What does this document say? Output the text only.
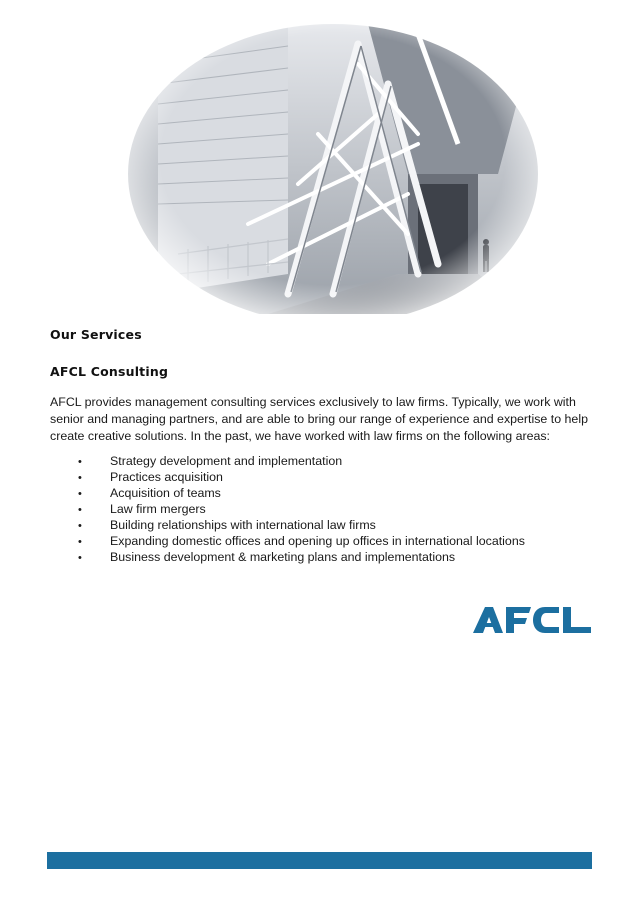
Our Services
AFCL Consulting

AFCL provides management consulting services exclusively to law firms. Typically, we work with senior and managing partners, and are able to bring our range of experience and expertise to help create creative solutions. In the past, we have worked with law firms on the following areas:

•	Strategy development and implementation
•	Practices acquisition
•	Acquisition of teams
•	Law firm mergers
•	Building relationships with international law firms
•	Expanding domestic offices and opening up offices in international locations
•	Business development & marketing plans and implementations
